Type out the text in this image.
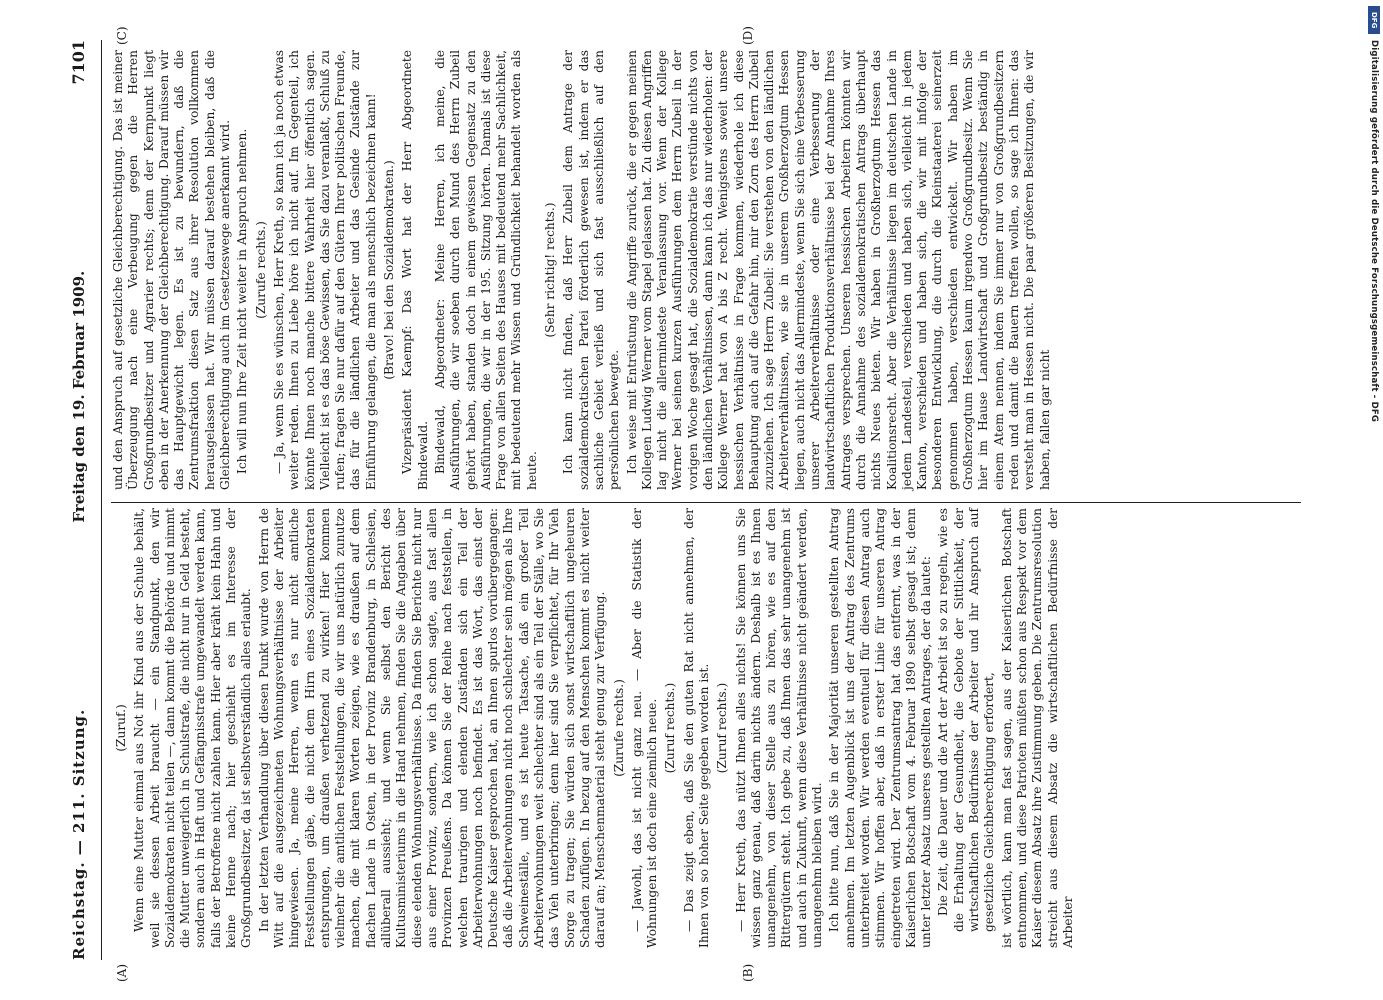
Reichstag. — 211. Sitzung.
Freitag den 19. Februar 1909.
7101
(A)	(B)
(C)	(D)

(Zuruf.) Wenn eine Mutter einmal aus Not ihr Kind aus der Schule behält, weil sie dessen Arbeit braucht — ein Standpunkt, den wir Sozialdemokraten nicht teilen —, dann kommt die Behörde und nimmt die Mutter unweigerlich in Schulstrafe, die nicht nur in Geld besteht, sondern auch in Haft und Gefängnisstrafe umgewandelt werden kann, falls der Betroffene nicht zahlen kann. Hier aber kräht kein Hahn und keine Henne nach; hier geschieht es im Interesse der Großgrundbesitzer, da ist selbstverständlich alles erlaubt. In der letzten Verhandlung über diesen Punkt wurde von Herrn de Witt auf die ausgezeichneten Wohnungsverhältnisse der Arbeiter hingewiesen. Ja, meine Herren, wenn es nur nicht amtliche Feststellungen gäbe, die nicht dem Hirn eines Sozialdemokraten entsprungen, um draußen verhetzend zu wirken! Hier kommen vielmehr die amtlichen Feststellungen, die wir uns natürlich zunutze machen, die mit klaren Worten zeigen, wie es draußen auf dem flachen Lande in Osten, in der Provinz Brandenburg, in Schlesien, allüberall aussieht; und wenn Sie selbst den Bericht des Kultusministeriums in die Hand nehmen, finden Sie die Angaben über diese elenden Wohnungsverhältnisse. Da finden Sie Berichte nicht nur aus einer Provinz, sondern, wie ich schon sagte, aus fast allen Provinzen Preußens. Da können Sie der Reihe nach feststellen, in welchen traurigen und elenden Zuständen sich ein Teil der Arbeiterwohnungen noch befindet. Es ist das Wort, das einst der Deutsche Kaiser gesprochen hat, an Ihnen spurlos vorübergegangen: daß die Arbeiterwohnungen nicht noch schlechter sein mögen als Ihre Schweineställe, und es ist heute Tatsache, daß ein großer Teil Arbeiterwohnungen weit schlechter sind als ein Teil der Ställe, wo Sie das Vieh unterbringen; denn hier sind Sie verpflichtet, für Ihr Vieh Sorge zu tragen; Sie würden sich sonst wirtschaftlich ungeheuren Schaden zufügen. In bezug auf den Menschen kommt es nicht weiter darauf an; Menschenmaterial steht genug zur Verfügung. (Zurufe rechts.) — Jawohl, das ist nicht ganz neu. — Aber die Statistik der Wohnungen ist doch eine ziemlich neue. (Zuruf rechts.) — Das zeigt eben, daß Sie den guten Rat nicht annehmen, der Ihnen von so hoher Seite gegeben worden ist. (Zuruf rechts.) — Herr Kreth, das nützt Ihnen alles nichts! Sie können uns Sie wissen ganz genau, daß darin nichts ändern. Deshalb ist es Ihnen unangenehm, von dieser Stelle aus zu hören, wie es auf den Rittergütern steht. Ich gebe zu, daß Ihnen das sehr unangenehm ist und auch in Zukunft, wenn diese Verhältnisse nicht geändert werden, unangenehm bleiben wird. Ich bitte nun, daß Sie in der Majorität unseren gestellten Antrag annehmen. Im letzten Augenblick ist uns der Antrag des Zentrums unterbreitet worden. Wir werden eventuell für diesen Antrag auch stimmen. Wir hoffen aber, daß in erster Linie für unseren Antrag eingetreten wird. Der Zentrumsantrag hat das entfernt, was in der Kaiserlichen Botschaft vom 4. Februar 1890 selbst gesagt ist; denn unter letzter Absatz unseres gestellten Antrages, der da lautet: Die Zeit, die Dauer und die Art der Arbeit ist so zu regeln, wie es die Erhaltung der Gesundheit, die Gebote der Sittlichkeit, der wirtschaftlichen Bedürfnisse der Arbeiter und ihr Anspruch auf gesetzliche Gleichberechtigung erfordert, ist wörtlich, kann man fast sagen, aus der Kaiserlichen Botschaft entnommen, und diese Patrioten müßten schon aus Respekt vor dem Kaiser diesem Absatz ihre Zustimmung geben. Die Zentrumsresolution streicht aus diesem Absatz die wirtschaftlichen Bedürfnisse der Arbeiter

und den Anspruch auf gesetzliche Gleichberechtigung. Das ist meiner Überzeugung nach eine Verbeugung gegen die Herren Großgrundbesitzer und Agrarier rechts; denn der Kernpunkt liegt eben in der Anerkennung der Gleichberechtigung. Darauf müssen wir das Hauptgewicht legen. Es ist zu bewundern, daß die Zentrumsfraktion diesen Satz aus ihrer Resolution vollkommen herausgelassen hat. Wir müssen darauf bestehen bleiben, daß die Gleichberechtigung auch im Gesetzeswege anerkannt wird. Ich will nun Ihre Zeit nicht weiter in Anspruch nehmen. (Zurufe rechts.) — Ja, wenn Sie es wünschen, Herr Kreth, so kann ich ja noch etwas weiter reden. Ihnen zu Liebe höre ich nicht auf. Im Gegenteil, ich könnte Ihnen noch manche bittere Wahrheit hier öffentlich sagen. Vielleicht ist es das böse Gewissen, das Sie dazu veranlaßt, Schluß zu rufen; fragen Sie nur dafür auf den Gütern Ihrer politischen Freunde, das für die ländlichen Arbeiter und das Gesinde Zustände zur Einführung gelangen, die man als menschlich bezeichnen kann! (Bravo! bei den Sozialdemokraten.) Vizepräsident Kaempf: Das Wort hat der Herr Abgeordnete Bindewald. Bindewald, Abgeordneter: Meine Herren, ich meine, die Ausführungen, die wir soeben durch den Mund des Herrn Zubeil gehört haben, standen doch in einem gewissen Gegensatz zu den Ausführungen, die wir in der 195. Sitzung hörten. Damals ist diese Frage von allen Seiten des Hauses mit bedeutend mehr Sachlichkeit, mit bedeutend mehr Wissen und Gründlichkeit behandelt worden als heute.

(Sehr richtig! rechts.) Ich kann nicht finden, daß Herr Zubeil dem Antrage der sozialdemokratischen Partei förderlich gewesen ist, indem er das sachliche Gebiet verließ und sich fast ausschließlich auf den persönlichen bewegte. Ich weise mit Entrüstung die Angriffe zurück, die er gegen meinen Kollegen Ludwig Werner vom Stapel gelassen hat. Zu diesen Angriffen lag nicht die allermindeste Veranlassung vor. Wenn der Kollege Werner bei seinen kurzen Ausführungen dem Herrn Zubeil in der vorigen Woche gesagt hat, die Sozialdemokratie verstünde nichts von den ländlichen Verhältnissen, dann kann ich das nur wiederholen: der Kollege Werner hat von A bis Z recht. Wenigstens soweit unsere hessischen Verhältnisse in Frage kommen, wiederhole ich diese Behauptung auch auf die Gefahr hin, mir den Zorn des Herrn Zubeil zuzuziehen. Ich sage Herrn Zubeil: Sie verstehen von den ländlichen Arbeiterverhältnissen, wie sie in unserem Großherzogtum Hessen liegen, auch nicht das Allermindeste, wenn Sie sich eine Verbesserung unserer Arbeiterverhältnisse oder eine Verbesserung der landwirtschaftlichen Produktionsverhältnisse bei der Annahme Ihres Antrages versprechen. Unseren hessischen Arbeitern könnten wir durch die Annahme des sozialdemokratischen Antrags überhaupt nichts Neues bieten. Wir haben in Großherzogtum Hessen das Koalitionsrecht. Aber die Verhältnisse liegen im deutschen Lande in jedem Landesteil, verschieden und haben sich, vielleicht in jedem Kanton, verschieden und haben sich, die wir mit infolge der besonderen Entwicklung, die durch die Kleinstaaterei seinerzeit genommen haben, verschieden entwickelt. Wir haben im Großherzogtum Hessen kaum irgendwo Großgrundbesitz. Wenn Sie hier im Hause Landwirtschaft und Großgrundbesitz beständig in einem Atem nennen, indem Sie immer nur von Großgrundbesitzern reden und damit die Bauern treffen wollen, so sage ich Ihnen: das versteht man in Hessen nicht. Die paar größeren Besitzungen, die wir haben, fallen gar nicht

DFG
Digitalisierung gefördert durch die Deutsche Forschungsgemeinschaft - DFG
